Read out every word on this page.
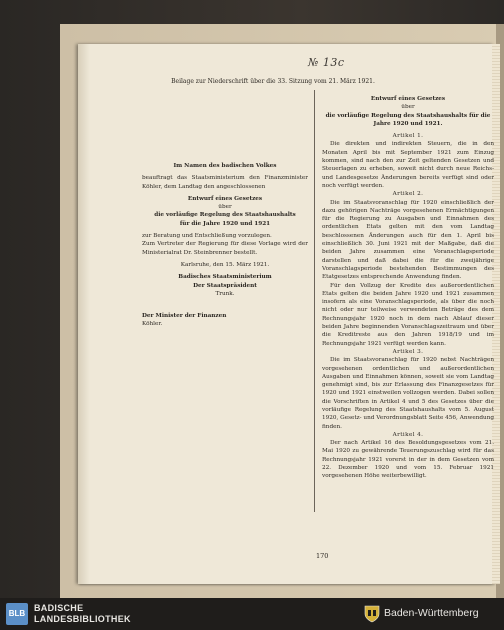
№ 13c
Beilage zur Niederschrift über die 33. Sitzung vom 21. März 1921.
Im Namen des badischen Volkes
beauftragt das Staatsministerium den Finanzminister Köhler, dem Landtag den angeschlossenen
Entwurf eines Gesetzes
über
die vorläufige Regelung des Staatshaushalts
für die Jahre 1920 und 1921
zur Beratung und Entschließung vorzulegen.
Zum Vertreter der Regierung für diese Vorlage wird der Ministerialrat Dr. Steinbrenner bestellt.
Karlsruhe, den 15. März 1921.
Badisches Staatsministerium
Der Staatspräsident
Trunk.
Der Minister der Finanzen
Köhler.
Entwurf eines Gesetzes
über
die vorläufige Regelung des Staatshaushalts für die Jahre 1920 und 1921.
Artikel 1.

Die direkten und indirekten Steuern, die in den Monaten April bis mit September 1921 zum Einzug kommen, sind nach den zur Zeit geltenden Gesetzen und Steuerlagen zu erheben, soweit nicht durch neue Reichs- und Landesgesetze Änderungen bereits verfügt sind oder noch verfügt werden.

Artikel 2.

Die im Staatsvoranschlag für 1920 einschließlich der dazu gehörigen Nachträge vorgesehenen Ermächtigungen für die Regierung zu Ausgaben und Einnahmen des ordentlichen Etats gelten mit den vom Landtag beschlossenen Änderungen auch für den 1. April bis einschließlich 30. Juni 1921 mit der Maßgabe, daß die beiden Jahre zusammen eine Voranschlagsperiode darstellen und daß dabei die für die zweijährige Voranschlagsperiode bestehenden Bestimmungen des Etatgesetzes entsprechende Anwendung finden.

Für den Vollzug der Kredite des außerordentlichen Etats gelten die beiden Jahre 1920 und 1921 zusammen insofern als eine Voranschlagsperiode, als über die noch nicht oder nur teilweise verwendeten Beträge des dem Rechnungsjahr 1920 noch in dem nach Ablauf dieser beiden Jahre beginnenden Voranschlagszeitraum und über die Kreditreste aus den Jahren 1918/19 und im Rechnungsjahr 1921 verfügt werden kann.

Artikel 3.

Die im Staatsvoranschlag für 1920 nebst Nachträgen vorgesehenen ordentlichen und außerordentlichen Ausgaben und Einnahmen können, soweit sie vom Landtag genehmigt sind, bis zur Erlassung des Finanzgesetzes für 1920 und 1921 einstweilen vollzogen werden. Dabei sollen die Vorschriften in Artikel 4 und 5 des Gesetzes über die vorläufige Regelung des Staatshaushalts vom 5. August 1920, Gesetz- und Verordnungsblatt Seite 456, Anwendung finden.

Artikel 4.

Der nach Artikel 16 des Besoldungsgesetzes vom 21. Mai 1920 zu gewährende Teuerungszuschlag wird für das Rechnungsjahr 1921 vorerst in der in dem Gesetzen vom 22. Dezember 1920 und vom 15. Februar 1921 vorgesehenen Höhe weiterbewilligt.

170
BLB
BADISCHE
LANDESBIBLIOTHEK	Baden-Württemberg
